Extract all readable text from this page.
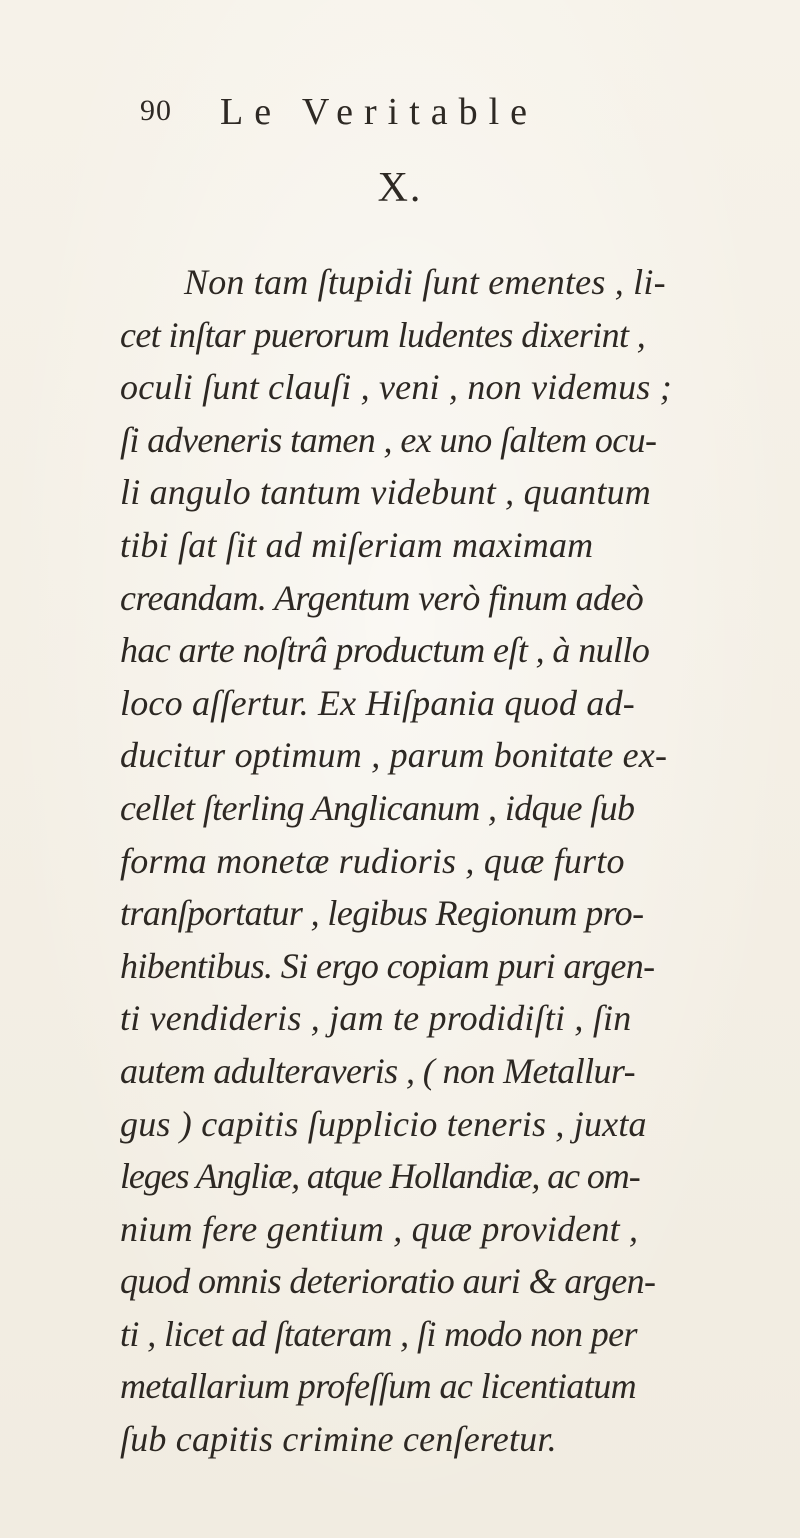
90 Le Veritable
X.
Non tam ſtupidi ſunt ementes , li-
cet inſtar puerorum ludentes dixerint ,
oculi ſunt clauſi , veni , non videmus ;
ſi adveneris tamen , ex uno ſaltem ocu-
li angulo tantum videbunt , quantum
tibi ſat ſit ad miſeriam maximam
creandam. Argentum verò finum adeò
hac arte noſtrâ productum eſt , à nullo
loco aſſertur. Ex Hiſpania quod ad-
ducitur optimum , parum bonitate ex-
cellet ſterling Anglicanum , idque ſub
forma monetæ rudioris , quæ furto
tranſportatur , legibus Regionum pro-
hibentibus. Si ergo copiam puri argen-
ti vendideris , jam te prodidiſti , ſin
autem adulteraveris , ( non Metallur-
gus ) capitis ſupplicio teneris , juxta
leges Angliæ, atque Hollandiæ, ac om-
nium fere gentium , quæ provident ,
quod omnis deterioratio auri & argen-
ti , licet ad ſtateram , ſi modo non per
metallarium profeſſum ac licentiatum
ſub capitis crimine cenſeretur.
